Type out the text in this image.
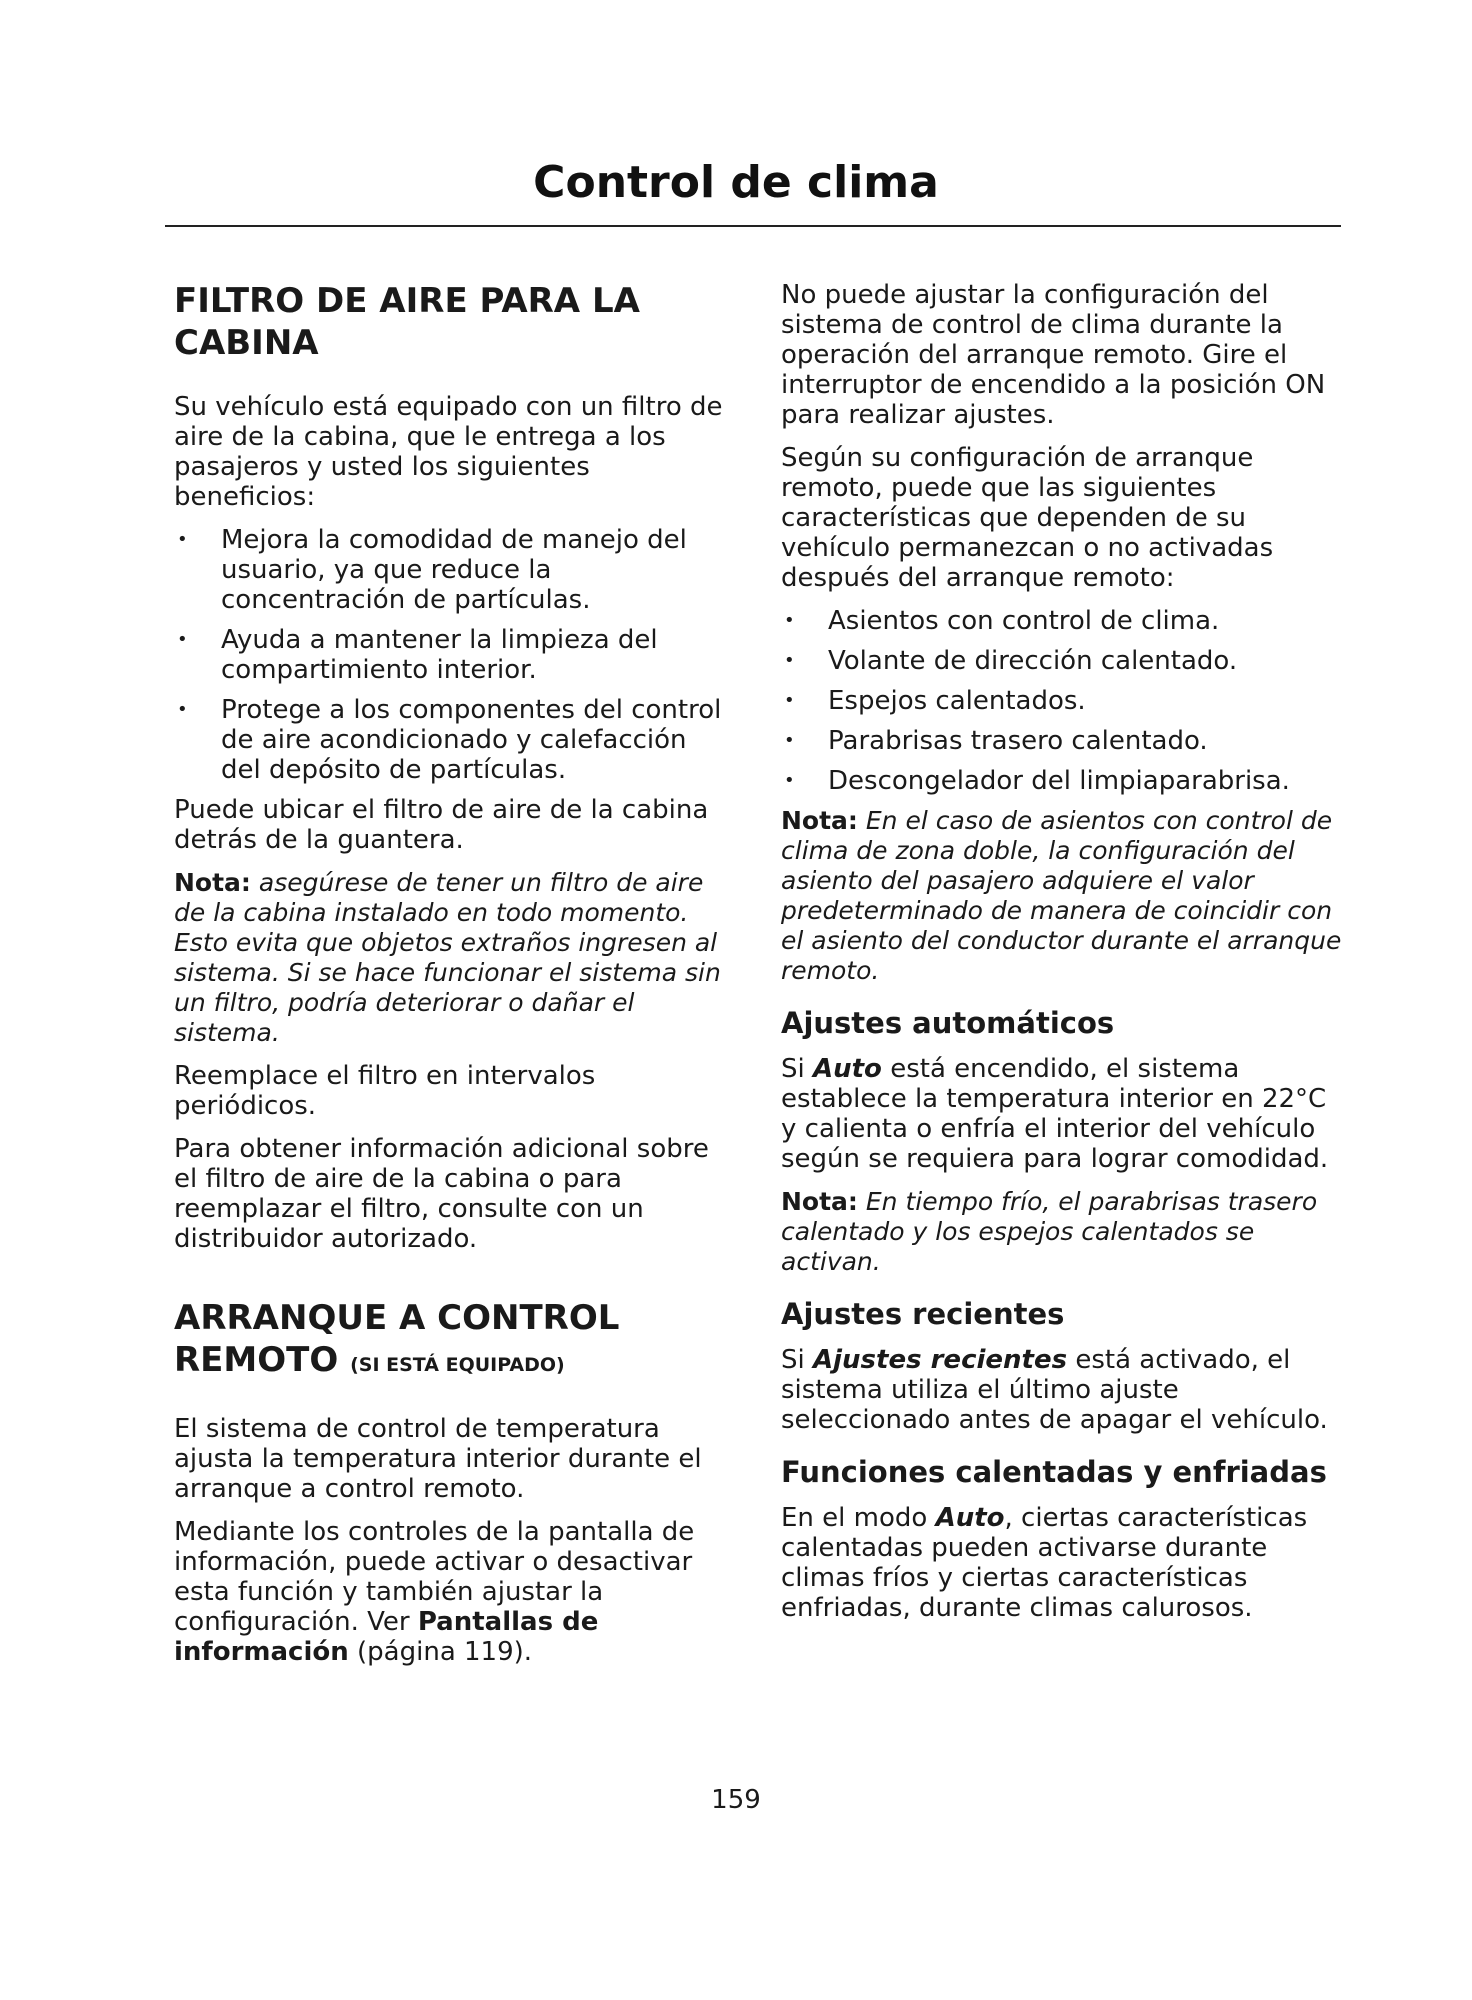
Control de clima
FILTRO DE AIRE PARA LA CABINA

Su vehículo está equipado con un filtro de aire de la cabina, que le entrega a los pasajeros y usted los siguientes beneficios:

• Mejora la comodidad de manejo del usuario, ya que reduce la concentración de partículas.
• Ayuda a mantener la limpieza del compartimiento interior.
• Protege a los componentes del control de aire acondicionado y calefacción del depósito de partículas.

Puede ubicar el filtro de aire de la cabina detrás de la guantera.

Nota: asegúrese de tener un filtro de aire de la cabina instalado en todo momento. Esto evita que objetos extraños ingresen al sistema. Si se hace funcionar el sistema sin un filtro, podría deteriorar o dañar el sistema.

Reemplace el filtro en intervalos periódicos.

Para obtener información adicional sobre el filtro de aire de la cabina o para reemplazar el filtro, consulte con un distribuidor autorizado.

ARRANQUE A CONTROL REMOTO (SI ESTÁ EQUIPADO)

El sistema de control de temperatura ajusta la temperatura interior durante el arranque a control remoto.

Mediante los controles de la pantalla de información, puede activar o desactivar esta función y también ajustar la configuración. Ver Pantallas de información (página 119).

No puede ajustar la configuración del sistema de control de clima durante la operación del arranque remoto. Gire el interruptor de encendido a la posición ON para realizar ajustes.

Según su configuración de arranque remoto, puede que las siguientes características que dependen de su vehículo permanezcan o no activadas después del arranque remoto:

• Asientos con control de clima.
• Volante de dirección calentado.
• Espejos calentados.
• Parabrisas trasero calentado.
• Descongelador del limpiaparabrisa.

Nota: En el caso de asientos con control de clima de zona doble, la configuración del asiento del pasajero adquiere el valor predeterminado de manera de coincidir con el asiento del conductor durante el arranque remoto.

Ajustes automáticos

Si Auto está encendido, el sistema establece la temperatura interior en 22°C y calienta o enfría el interior del vehículo según se requiera para lograr comodidad.

Nota: En tiempo frío, el parabrisas trasero calentado y los espejos calentados se activan.

Ajustes recientes

Si Ajustes recientes está activado, el sistema utiliza el último ajuste seleccionado antes de apagar el vehículo.

Funciones calentadas y enfriadas

En el modo Auto, ciertas características calentadas pueden activarse durante climas fríos y ciertas características enfriadas, durante climas calurosos.

159
